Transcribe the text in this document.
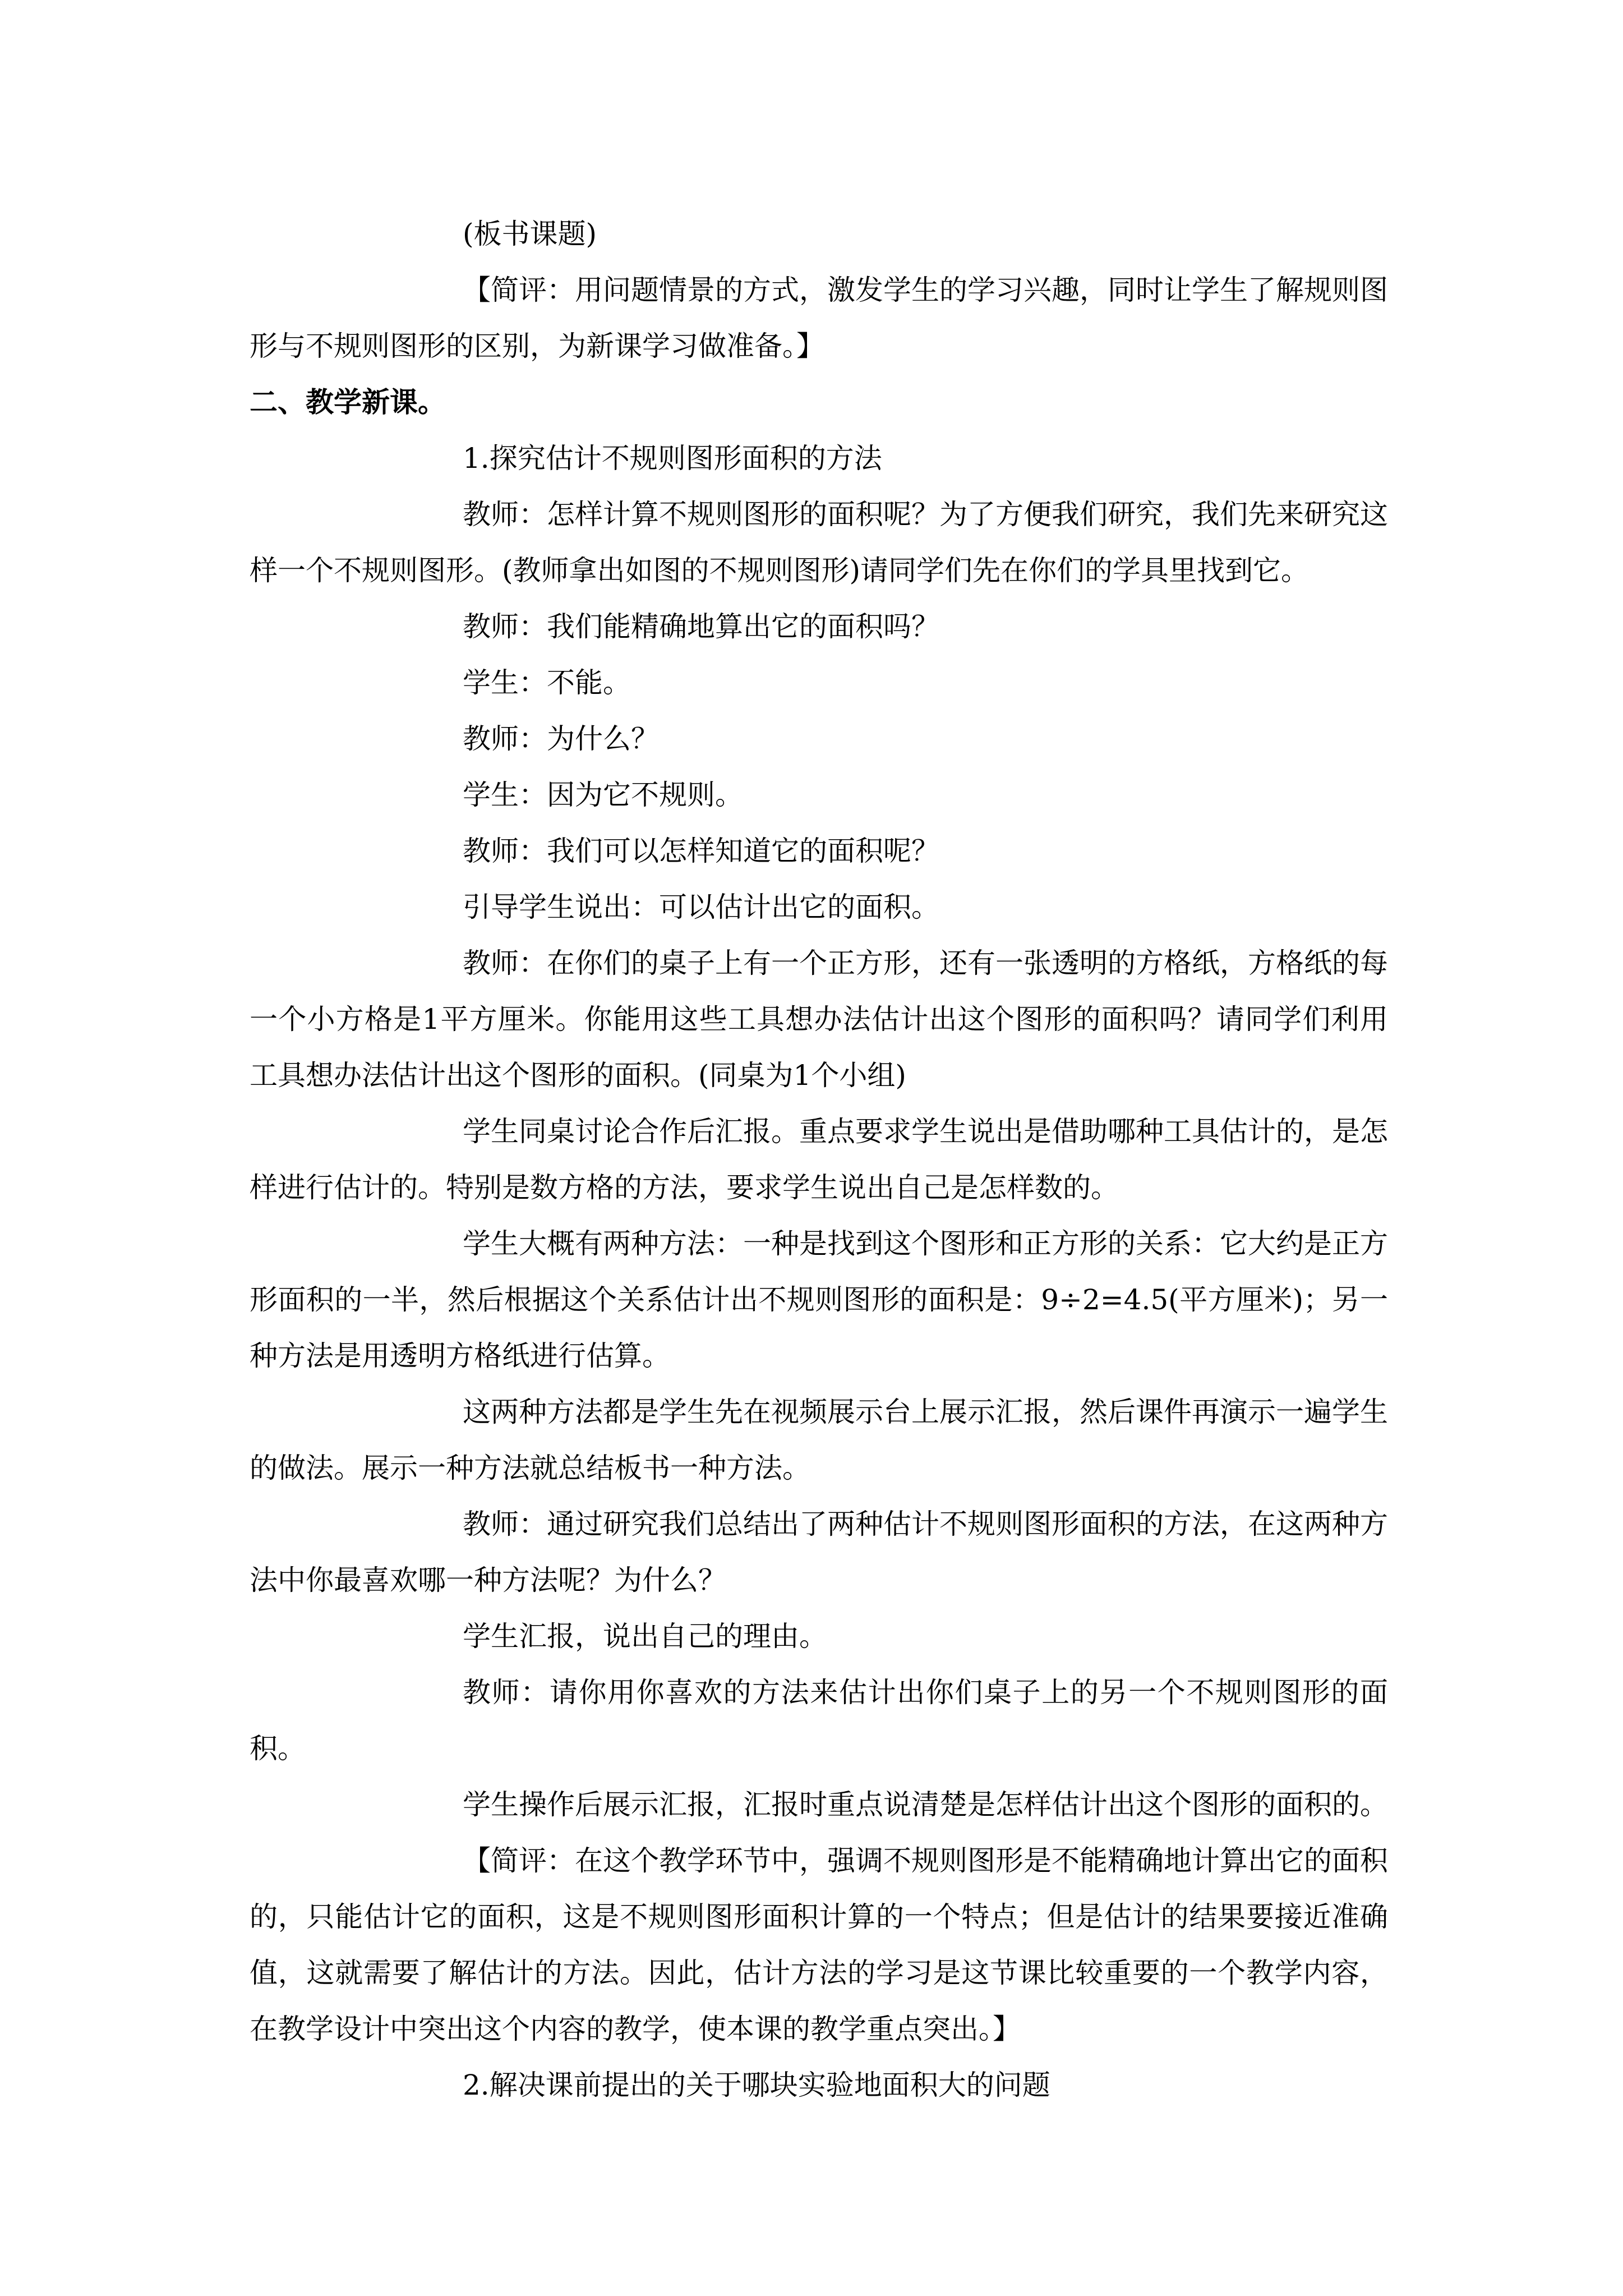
(板书课题)

【简评：用问题情景的方式，激发学生的学习兴趣，同时让学生了解规则图形与不规则图形的区别，为新课学习做准备。】

二、教学新课。

1.探究估计不规则图形面积的方法

教师：怎样计算不规则图形的面积呢？为了方便我们研究，我们先来研究这样一个不规则图形。(教师拿出如图的不规则图形)请同学们先在你们的学具里找到它。

教师：我们能精确地算出它的面积吗？

学生：不能。

教师：为什么？

学生：因为它不规则。

教师：我们可以怎样知道它的面积呢？

引导学生说出：可以估计出它的面积。

教师：在你们的桌子上有一个正方形，还有一张透明的方格纸，方格纸的每一个小方格是1平方厘米。你能用这些工具想办法估计出这个图形的面积吗？请同学们利用工具想办法估计出这个图形的面积。(同桌为1个小组)

学生同桌讨论合作后汇报。重点要求学生说出是借助哪种工具估计的，是怎样进行估计的。特别是数方格的方法，要求学生说出自己是怎样数的。

学生大概有两种方法：一种是找到这个图形和正方形的关系：它大约是正方形面积的一半，然后根据这个关系估计出不规则图形的面积是：9÷2=4.5(平方厘米)；另一种方法是用透明方格纸进行估算。

这两种方法都是学生先在视频展示台上展示汇报，然后课件再演示一遍学生的做法。展示一种方法就总结板书一种方法。

教师：通过研究我们总结出了两种估计不规则图形面积的方法，在这两种方法中你最喜欢哪一种方法呢？为什么？

学生汇报，说出自己的理由。

教师：请你用你喜欢的方法来估计出你们桌子上的另一个不规则图形的面积。

学生操作后展示汇报，汇报时重点说清楚是怎样估计出这个图形的面积的。

【简评：在这个教学环节中，强调不规则图形是不能精确地计算出它的面积的，只能估计它的面积，这是不规则图形面积计算的一个特点；但是估计的结果要接近准确值，这就需要了解估计的方法。因此，估计方法的学习是这节课比较重要的一个教学内容，在教学设计中突出这个内容的教学，使本课的教学重点突出。】

2.解决课前提出的关于哪块实验地面积大的问题
